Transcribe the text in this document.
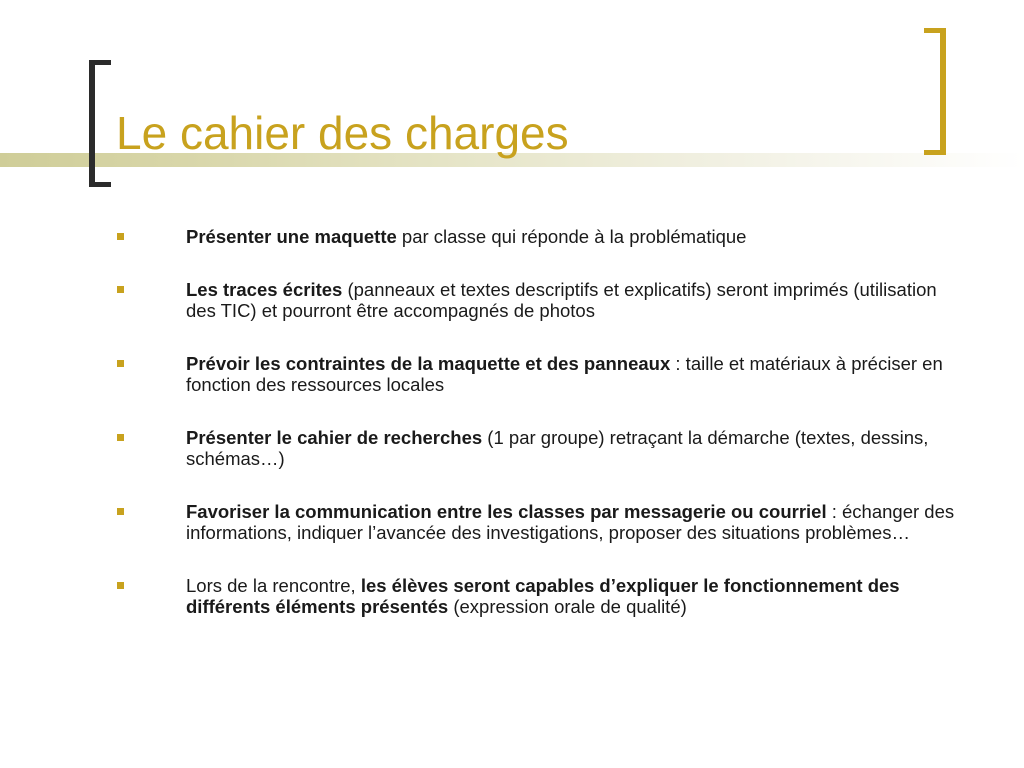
Le cahier des charges
Présenter une maquette par classe qui réponde à la problématique
Les traces écrites (panneaux et textes descriptifs et explicatifs) seront imprimés (utilisation des TIC) et pourront être accompagnés de photos
Prévoir les contraintes de la maquette et des panneaux : taille et matériaux à préciser en fonction des ressources locales
Présenter le cahier de recherches (1 par groupe) retraçant la démarche (textes, dessins, schémas…)
Favoriser la communication entre les classes par messagerie ou courriel : échanger des informations, indiquer l’avancée des investigations, proposer des situations problèmes…
Lors de la rencontre, les élèves seront capables d’expliquer le fonctionnement des différents éléments présentés (expression orale de qualité)
